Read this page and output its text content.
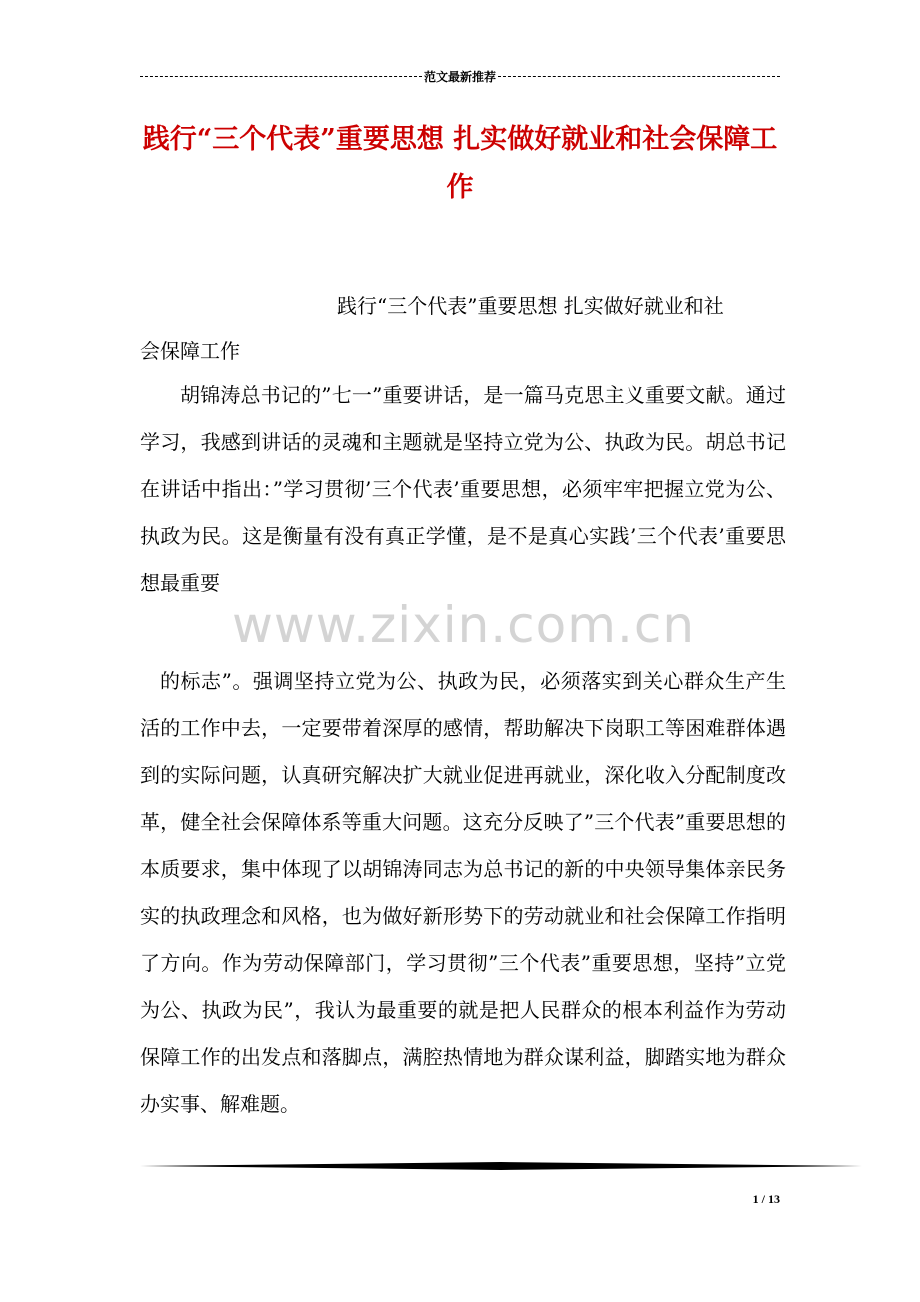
范文最新推荐
践行“三个代表”重要思想 扎实做好就业和社会保障工作
践行“三个代表”重要思想 扎实做好就业和社
会保障工作
胡锦涛总书记的”七一”重要讲话，是一篇马克思主义重要文献。通过学习，我感到讲话的灵魂和主题就是坚持立党为公、执政为民。胡总书记在讲话中指出：”学习贯彻’三个代表’重要思想，必须牢牢把握立党为公、执政为民。这是衡量有没有真正学懂，是不是真心实践’三个代表’重要思想最重要
www.zixin.com.cn
的标志”。强调坚持立党为公、执政为民，必须落实到关心群众生产生活的工作中去，一定要带着深厚的感情，帮助解决下岗职工等困难群体遇到的实际问题，认真研究解决扩大就业促进再就业，深化收入分配制度改革，健全社会保障体系等重大问题。这充分反映了”三个代表”重要思想的本质要求，集中体现了以胡锦涛同志为总书记的新的中央领导集体亲民务实的执政理念和风格，也为做好新形势下的劳动就业和社会保障工作指明了方向。作为劳动保障部门，学习贯彻”三个代表”重要思想，坚持”立党为公、执政为民”，我认为最重要的就是把人民群众的根本利益作为劳动保障工作的出发点和落脚点，满腔热情地为群众谋利益，脚踏实地为群众办实事、解难题。
1 / 13
